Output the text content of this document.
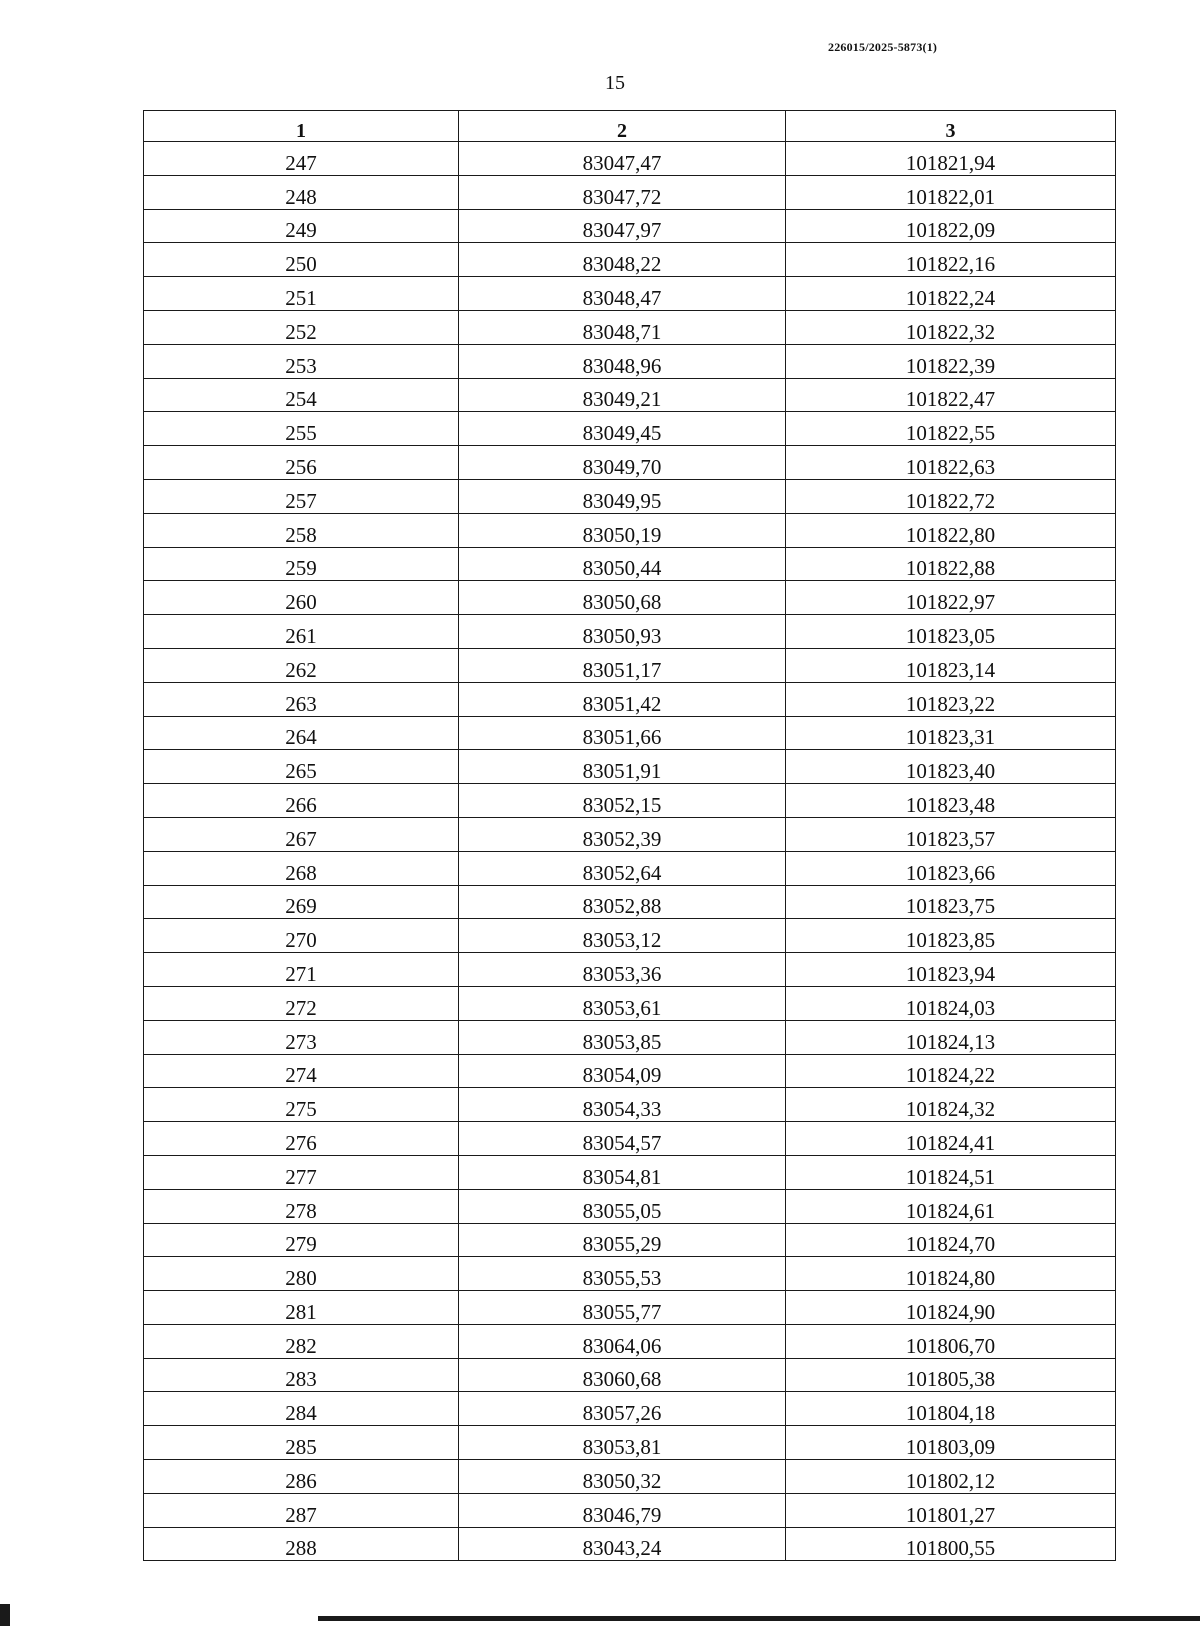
226015/2025-5873(1)
15
1	2	3
247	83047,47	101821,94
248	83047,72	101822,01
249	83047,97	101822,09
250	83048,22	101822,16
251	83048,47	101822,24
252	83048,71	101822,32
253	83048,96	101822,39
254	83049,21	101822,47
255	83049,45	101822,55
256	83049,70	101822,63
257	83049,95	101822,72
258	83050,19	101822,80
259	83050,44	101822,88
260	83050,68	101822,97
261	83050,93	101823,05
262	83051,17	101823,14
263	83051,42	101823,22
264	83051,66	101823,31
265	83051,91	101823,40
266	83052,15	101823,48
267	83052,39	101823,57
268	83052,64	101823,66
269	83052,88	101823,75
270	83053,12	101823,85
271	83053,36	101823,94
272	83053,61	101824,03
273	83053,85	101824,13
274	83054,09	101824,22
275	83054,33	101824,32
276	83054,57	101824,41
277	83054,81	101824,51
278	83055,05	101824,61
279	83055,29	101824,70
280	83055,53	101824,80
281	83055,77	101824,90
282	83064,06	101806,70
283	83060,68	101805,38
284	83057,26	101804,18
285	83053,81	101803,09
286	83050,32	101802,12
287	83046,79	101801,27
288	83043,24	101800,55
